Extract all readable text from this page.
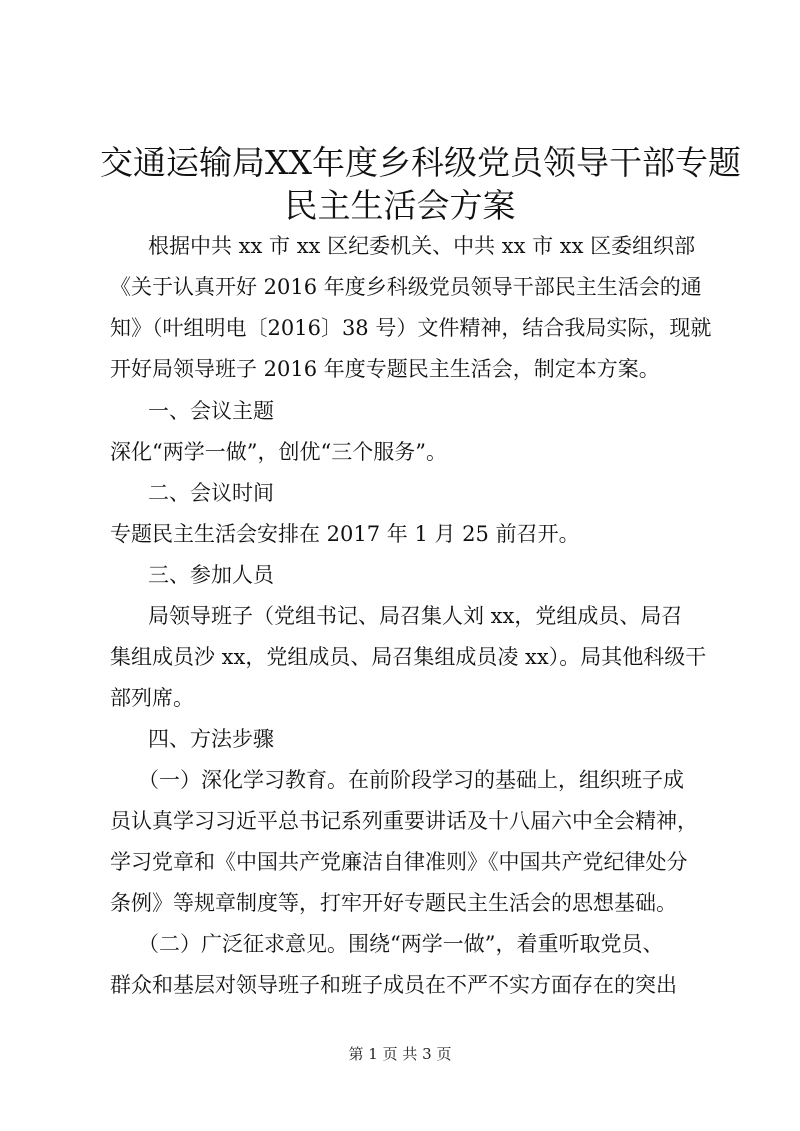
交通运输局XX年度乡科级党员领导干部专题
民主生活会方案

根据中共 xx 市 xx 区纪委机关、中共 xx 市 xx 区委组织部

《关于认真开好 2016 年度乡科级党员领导干部民主生活会的通

知》（叶组明电〔2016〕38 号）文件精神，结合我局实际，现就

开好局领导班子 2016 年度专题民主生活会，制定本方案。

一、会议主题

深化“两学一做”，创优“三个服务”。

二、会议时间

专题民主生活会安排在 2017 年 1 月 25 前召开。

三、参加人员

局领导班子（党组书记、局召集人刘 xx，党组成员、局召

集组成员沙 xx，党组成员、局召集组成员凌 xx）。局其他科级干

部列席。

四、方法步骤

（一）深化学习教育。在前阶段学习的基础上，组织班子成

员认真学习习近平总书记系列重要讲话及十八届六中全会精神，

学习党章和《中国共产党廉洁自律准则》《中国共产党纪律处分

条例》等规章制度等，打牢开好专题民主生活会的思想基础。

（二）广泛征求意见。围绕“两学一做”，着重听取党员、

群众和基层对领导班子和班子成员在不严不实方面存在的突出

第 1 页 共 3 页
